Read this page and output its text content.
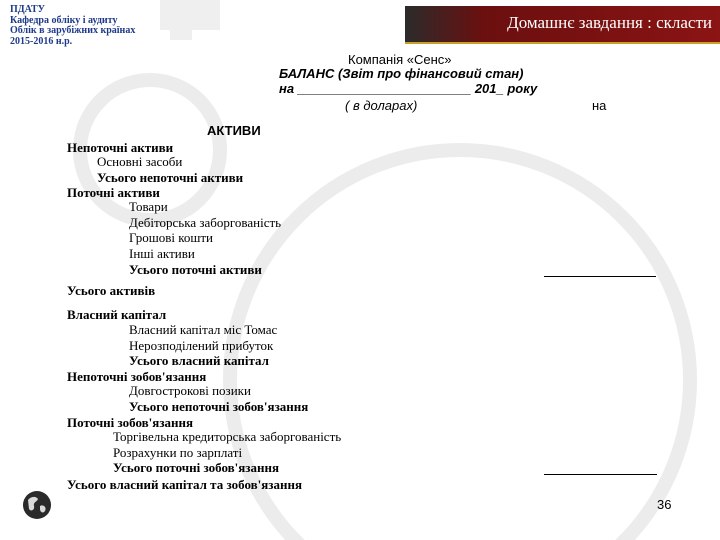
ПДАТУ
Кафедра обліку і аудиту
Облік в зарубіжних країнах
2015-2016 н.р.
Домашнє завдання : скласти
Компанія «Сенс»
БАЛАНС (Звіт про фінансовий стан)
на ________________________ 201_ року
( в доларах)	на
АКТИВИ
Непоточні активи
Основні засоби
Усього непоточні активи
Поточні активи
Товари
Дебіторська заборгованість
Грошові кошти
Інші активи
Усього поточні активи
Усього активів
Власний капітал
Власний капітал міс Томас
Нерозподілений прибуток
Усього власний капітал
Непоточні зобов'язання
Довгострокові позики
Усього непоточні зобов'язання
Поточні зобов'язання
Торгівельна кредиторська заборгованість
Розрахунки по зарплаті
Усього поточні зобов'язання
Усього власний капітал та зобов'язання
36
